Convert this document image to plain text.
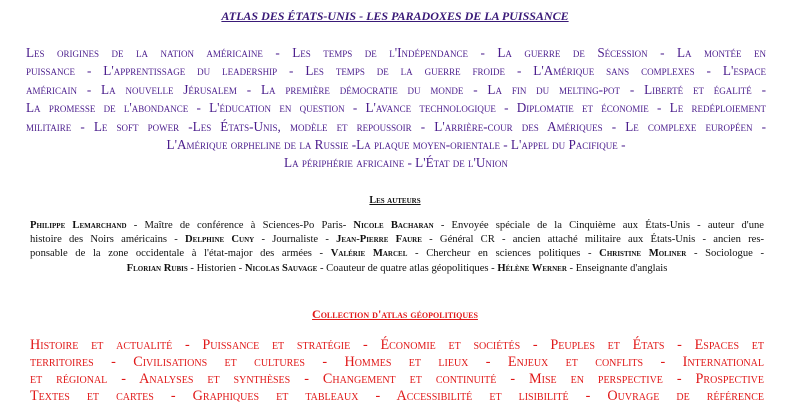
ATLAS DES ÉTATS-UNIS - LES PARADOXES DE LA PUISSANCE
Les origines de la nation américaine - Les temps de l'Indépendance - La guerre de Sécession - La montée en
puissance - L'apprentissage du leadership - Les temps de la guerre froide - L'Amérique sans complexes - L'espace
américain - La nouvelle Jérusalem - La première démocratie du monde - La fin du melting-pot - Liberté et égalité -
La promesse de l'abondance - L'éducation en question - L'avance technologique - Diplomatie et économie - Le redéploiement
militaire - Le soft power -Les États-Unis, modèle et repoussoir - L'arrière-cour des Amériques - Le complexe européen -
L'Amérique orpheline de la Russie -La plaque moyen-orientale - L'appel du Pacifique -
La périphérie africaine - L'État de l'Union
Les auteurs
Philippe Lemarchand - Maître de conférence à Sciences-Po Paris- Nicole Bacharan - Envoyée spéciale de la Cinquième aux États-Unis - auteur d'une
histoire des Noirs américains - Delphine Cuny - Journaliste - Jean-Pierre Faure - Général CR - ancien attaché militaire aux États-Unis - ancien res-
ponsable de la zone occidentale à l'état-major des armées - Valérie Marcel - Chercheur en sciences politiques - Christine Moliner - Sociologue -
Florian Rubis - Historien - Nicolas Sauvage - Coauteur de quatre atlas géopolitiques - Hélène Werner - Enseignante d'anglais
Collection d'atlas géopolitiques
Histoire et actualité - Puissance et stratégie - Économie et sociétés - Peuples et États - Espaces et
territoires - Civilisations et cultures - Hommes et lieux - Enjeux et conflits - International
et régional - Analyses et synthèses - Changement et continuité - Mise en perspective - Prospective
Textes et cartes - Graphiques et tableaux - Accessibilité et lisibilité - Ouvrage de référence
